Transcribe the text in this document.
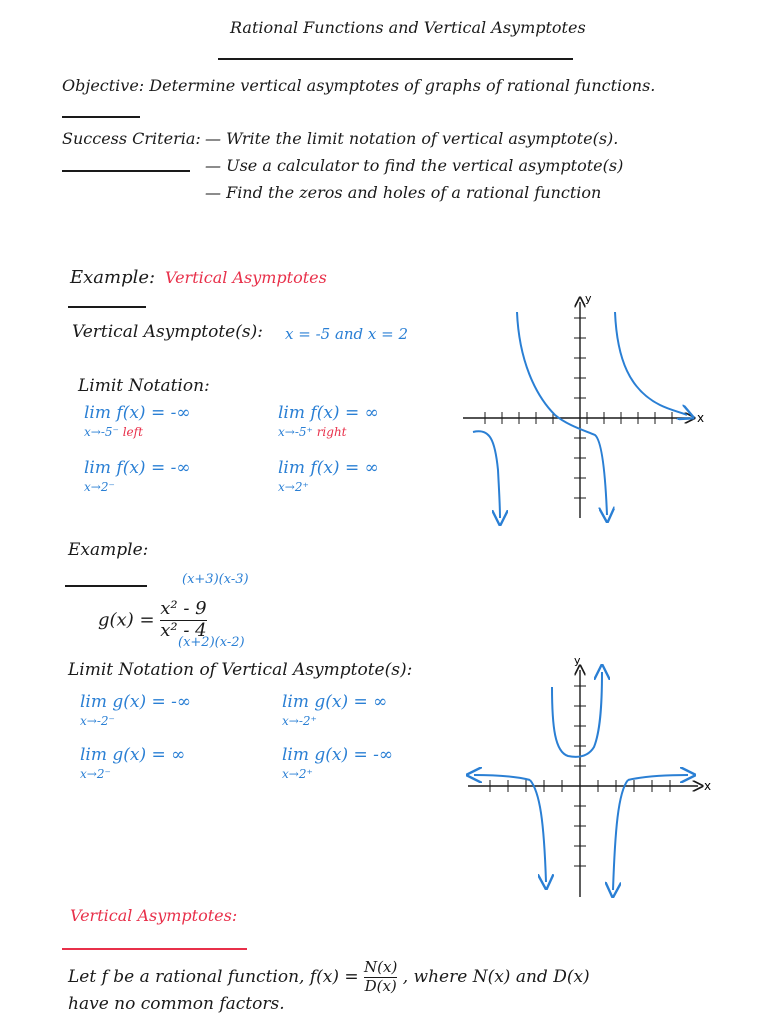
Rational Functions and Vertical Asymptotes
Objective: Determine vertical asymptotes of graphs of rational functions.
Success Criteria: — Write the limit notation of vertical asymptote(s).
— Use a calculator to find the vertical asymptote(s)
— Find the zeros and holes of a rational function
Example: Vertical Asymptotes
Vertical Asymptote(s): x = -5 and x = 2
Limit Notation:
lim f(x) = -∞
x→-5⁻ left
lim f(x) = ∞
x→-5⁺ right
lim f(x) = -∞
x→2⁻
lim f(x) = ∞
x→2⁺
x
y
Example:
(x+3)(x-3)
$g(x) = \frac{\text{x² - 9}}{\text{x² - 4}}$
(x+2)(x-2)
Limit Notation of Vertical Asymptote(s):
lim g(x) = -∞
x→-2⁻
lim g(x) = ∞
x→-2⁺
lim g(x) = ∞
x→2⁻
lim g(x) = -∞
x→2⁺
x
y
Vertical Asymptotes:
Let f be a rational function, $f(x) = \frac{N(x)}{D(x)}$ , where N(x) and D(x)
have no common factors.
